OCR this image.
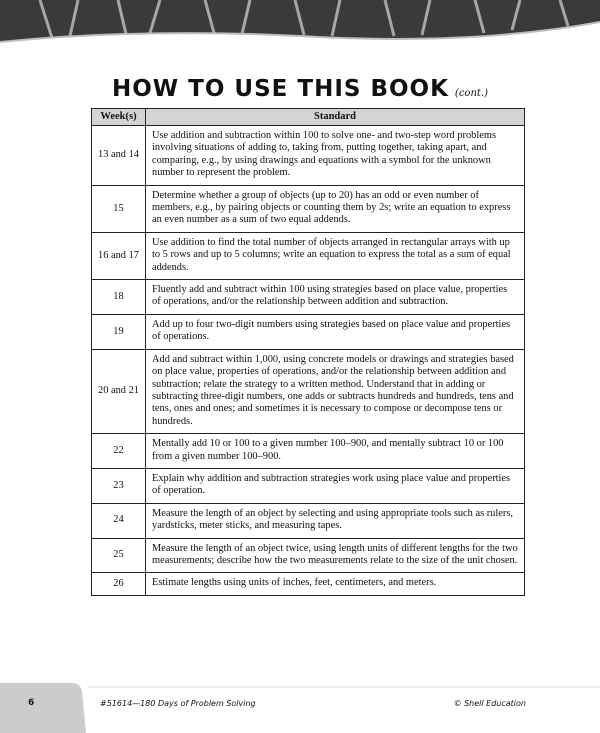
HOW TO USE THIS BOOK (cont.)
Week(s)	Standard
13 and 14	Use addition and subtraction within 100 to solve one- and two-step word problems involving situations of adding to, taking from, putting together, taking apart, and comparing, e.g., by using drawings and equations with a symbol for the unknown number to represent the problem.
15	Determine whether a group of objects (up to 20) has an odd or even number of members, e.g., by pairing objects or counting them by 2s; write an equation to express an even number as a sum of two equal addends.
16 and 17	Use addition to find the total number of objects arranged in rectangular arrays with up to 5 rows and up to 5 columns; write an equation to express the total as a sum of equal addends.
18	Fluently add and subtract within 100 using strategies based on place value, properties of operations, and/or the relationship between addition and subtraction.
19	Add up to four two-digit numbers using strategies based on place value and properties of operations.
20 and 21	Add and subtract within 1,000, using concrete models or drawings and strategies based on place value, properties of operations, and/or the relationship between addition and subtraction; relate the strategy to a written method. Understand that in adding or subtracting three-digit numbers, one adds or subtracts hundreds and hundreds, tens and tens, ones and ones; and sometimes it is necessary to compose or decompose tens or hundreds.
22	Mentally add 10 or 100 to a given number 100–900, and mentally subtract 10 or 100 from a given number 100–900.
23	Explain why addition and subtraction strategies work using place value and properties of operation.
24	Measure the length of an object by selecting and using appropriate tools such as rulers, yardsticks, meter sticks, and measuring tapes.
25	Measure the length of an object twice, using length units of different lengths for the two measurements; describe how the two measurements relate to the size of the unit chosen.
26	Estimate lengths using units of inches, feet, centimeters, and meters.
6	#51614—180 Days of Problem Solving	© Shell Education
